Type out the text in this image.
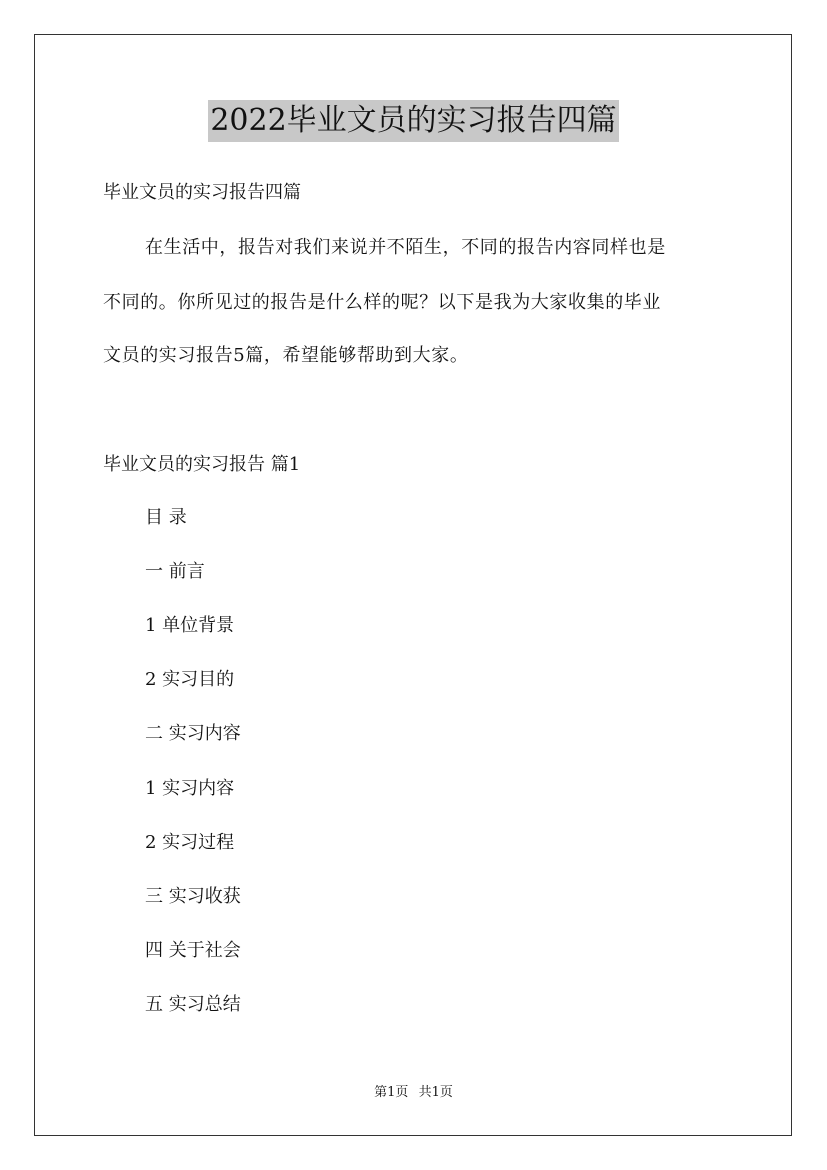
2022毕业文员的实习报告四篇
毕业文员的实习报告四篇
在生活中，报告对我们来说并不陌生，不同的报告内容同样也是
不同的。你所见过的报告是什么样的呢？以下是我为大家收集的毕业
文员的实习报告5篇，希望能够帮助到大家。
毕业文员的实习报告 篇1
目 录
一 前言
1 单位背景
2 实习目的
二 实习内容
1 实习内容
2 实习过程
三 实习收获
四 关于社会
五 实习总结
第1页 共1页
